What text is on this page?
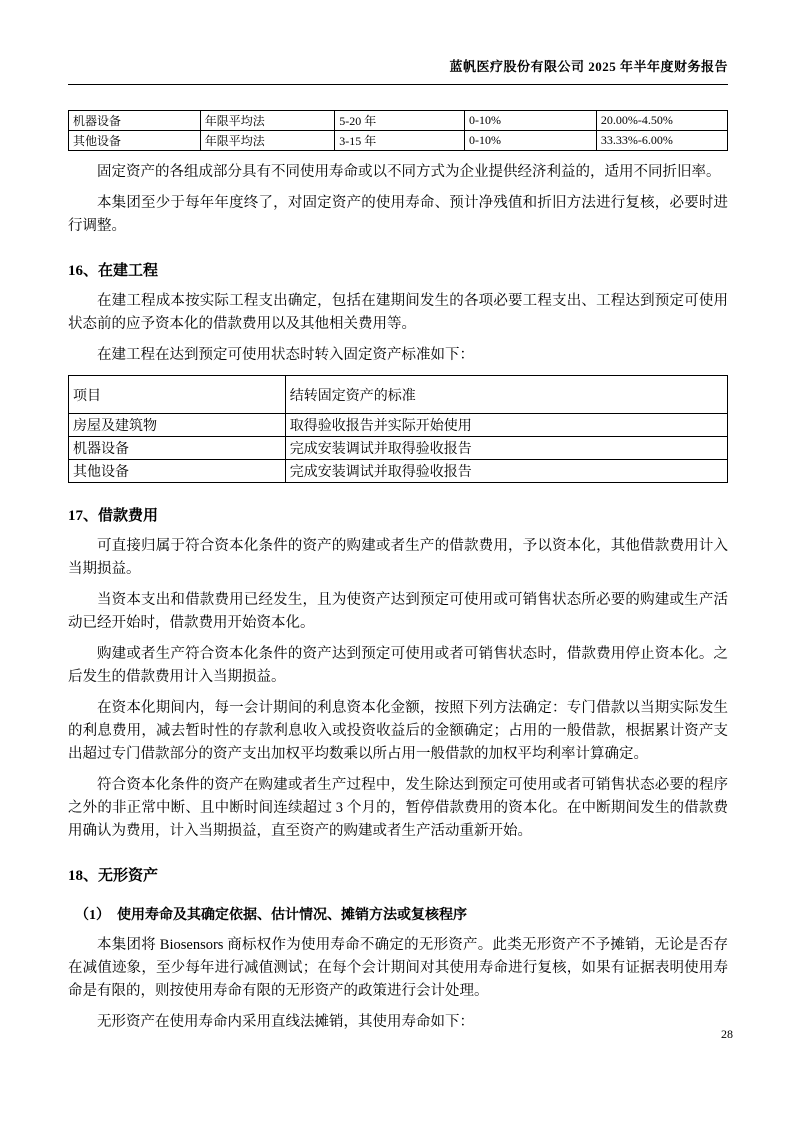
蓝帆医疗股份有限公司 2025 年半年度财务报告
机器设备	年限平均法	5-20 年	0-10%	20.00%-4.50%
其他设备	年限平均法	3-15 年	0-10%	33.33%-6.00%

固定资产的各组成部分具有不同使用寿命或以不同方式为企业提供经济利益的，适用不同折旧率。

本集团至少于每年年度终了，对固定资产的使用寿命、预计净残值和折旧方法进行复核，必要时进行调整。

16、在建工程

在建工程成本按实际工程支出确定，包括在建期间发生的各项必要工程支出、工程达到预定可使用状态前的应予资本化的借款费用以及其他相关费用等。

在建工程在达到预定可使用状态时转入固定资产标准如下：

项目	结转固定资产的标准
房屋及建筑物	取得验收报告并实际开始使用
机器设备	完成安装调试并取得验收报告
其他设备	完成安装调试并取得验收报告
17、借款费用

可直接归属于符合资本化条件的资产的购建或者生产的借款费用，予以资本化，其他借款费用计入当期损益。

当资本支出和借款费用已经发生，且为使资产达到预定可使用或可销售状态所必要的购建或生产活动已经开始时，借款费用开始资本化。

购建或者生产符合资本化条件的资产达到预定可使用或者可销售状态时，借款费用停止资本化。之后发生的借款费用计入当期损益。

在资本化期间内，每一会计期间的利息资本化金额，按照下列方法确定：专门借款以当期实际发生的利息费用，减去暂时性的存款利息收入或投资收益后的金额确定；占用的一般借款，根据累计资产支出超过专门借款部分的资产支出加权平均数乘以所占用一般借款的加权平均利率计算确定。

符合资本化条件的资产在购建或者生产过程中，发生除达到预定可使用或者可销售状态必要的程序之外的非正常中断、且中断时间连续超过 3 个月的，暂停借款费用的资本化。在中断期间发生的借款费用确认为费用，计入当期损益，直至资产的购建或者生产活动重新开始。

18、无形资产
（1）　使用寿命及其确定依据、估计情况、摊销方法或复核程序

本集团将 Biosensors 商标权作为使用寿命不确定的无形资产。此类无形资产不予摊销，无论是否存在减值迹象，至少每年进行减值测试；在每个会计期间对其使用寿命进行复核，如果有证据表明使用寿命是有限的，则按使用寿命有限的无形资产的政策进行会计处理。

无形资产在使用寿命内采用直线法摊销，其使用寿命如下：

28
